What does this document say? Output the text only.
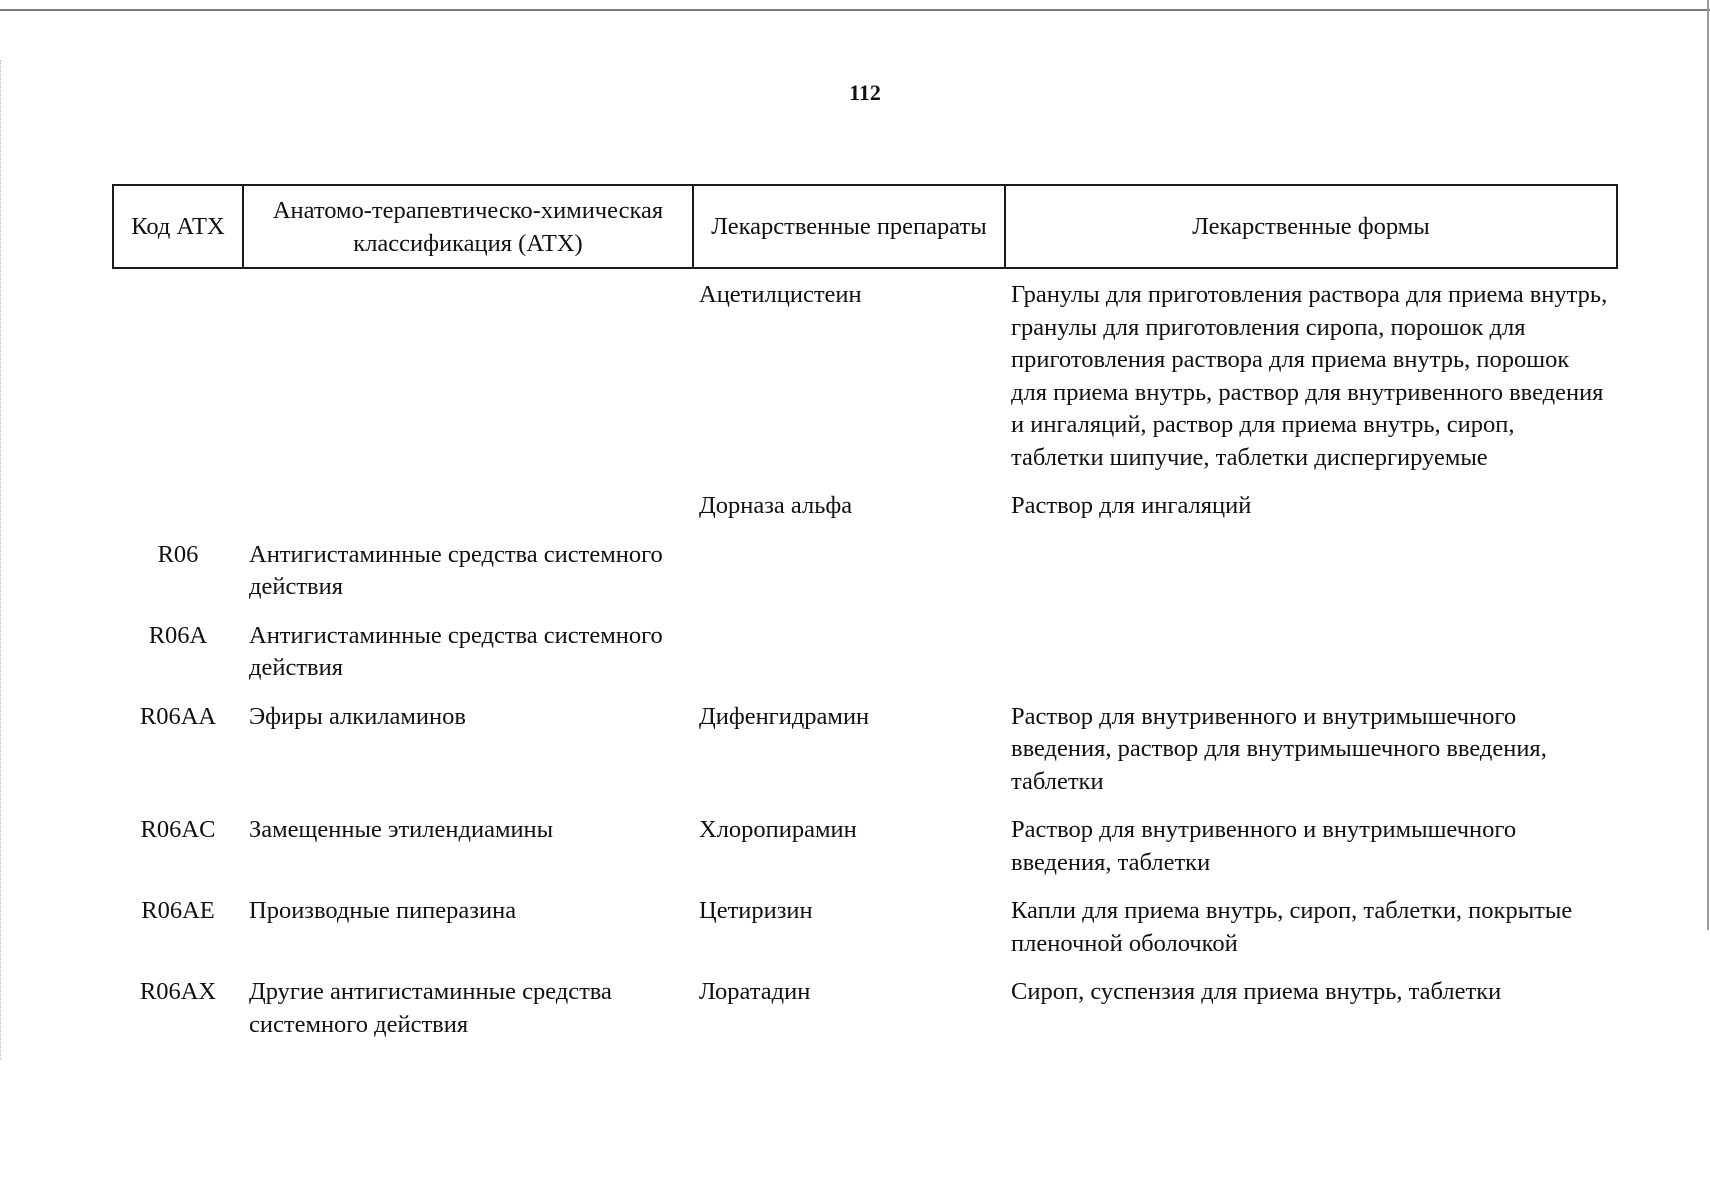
112
Код АТХ	Анатомо-терапевтическо-химическая классификация (АТХ)	Лекарственные препараты	Лекарственные формы
		Ацетилцистеин	Гранулы для приготовления раствора для приема внутрь, гранулы для приготовления сиропа, порошок для приготовления раствора для приема внутрь, порошок для приема внутрь, раствор для внутривенного введения и ингаляций, раствор для приема внутрь, сироп, таблетки шипучие, таблетки диспергируемые
		Дорназа альфа	Раствор для ингаляций
R06	Антигистаминные средства системного действия		
R06A	Антигистаминные средства системного действия		
R06AA	Эфиры алкиламинов	Дифенгидрамин	Раствор для внутривенного и внутримышечного введения, раствор для внутримышечного введения, таблетки
R06AC	Замещенные этилендиамины	Хлоропирамин	Раствор для внутривенного и внутримышечного введения, таблетки
R06AE	Производные пиперазина	Цетиризин	Капли для приема внутрь, сироп, таблетки, покрытые пленочной оболочкой
R06AX	Другие антигистаминные средства системного действия	Лоратадин	Сироп, суспензия для приема внутрь, таблетки
